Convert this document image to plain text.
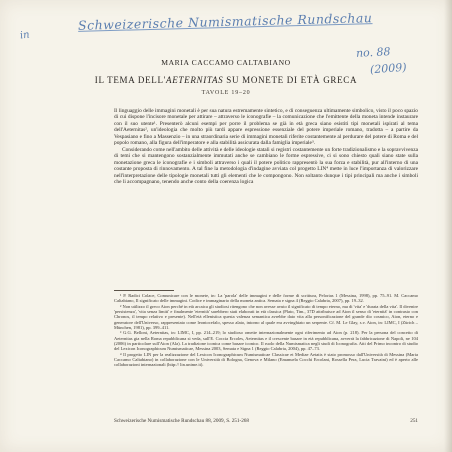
Schweizerische Numismatische Rundschau
in
no. 88
(2009)
MARIA CACCAMO CALTABIANO
IL TEMA DELL'AETERNITAS SU MONETE DI ETÀ GRECA
TAVOLE 19–20
Il linguaggio delle immagini monetali è per sua natura estremamente sintetico, e di conseguenza ultimamente simbolico, visto il poco spazio di cui dispone l'incisore monetale per attirare – attraverso le iconografie – la comunicazione che l'emittente della moneta intende instaurare con il suo utente¹. Presenterò alcuni esempi per porre il problema se già in età greca siano esistiti tipi monetali ispirati al tema dell'Aeternitas², un'ideologia che molto più tardi appare espressione essenziale del potere imperiale romano, tradotta – a partire da Vespasiano e fino a Massenzio – in una straordinaria serie di immagini monetali riferite costantemente al perdurare del potere di Roma e del popolo romano, alla figura dell'imperatore e alla stabilità assicurata dalla famiglia imperiale³.
Considerando come nell'ambito delle attività e delle ideologie statali si registri costantemente un forte tradizionalismo e la sopravvivenza di temi che si mantengono sostanzialmente immutati anche se cambiano le forme espressive, ci si sono chiesto quali siano state sulla monetazione greca le iconografie e i simboli attraverso i quali il potere politico rappresentò la sua forza e stabilità, pur all'interno di una costante proposta di rinnovamento. A tal fine la metodologia d'indagine avviata col progetto LIN⁴ mette in luce l'importanza di valorizzare nell'interpretazione delle tipologie monetali tutti gli elementi che le compongono. Non soltanto dunque i tipi principali ma anche i simboli che li accompagnano, tenendo anche conto della coerenza logica
¹ P. Radici Colace, Comunicare con le monete, in: La 'parola' delle immagini e delle forme di scrittura, Pelorias 1 (Messina, 1998), pp. 75–91. M. Caccamo Caltabiano, Il significato delle immagini. Codice e immaginario della moneta antica. Semata e signa 4 (Reggio Calabria, 2007), pp. 19–32.
² Non utilizzo il greco Aion perché in età arcaica gli studiosi ritengono che non avesse avuto il significato di tempo eterno, ma di 'vita' e 'durata della vita'. Il divenire 'persistenza', 'vita senza limiti' e finalmente 'eternità' sarebbero stati elaborati in età classica (Plato, Tim., 37D attribuisce ad Aion il senso di 'eternità' in contrasto con Chronos, il tempo relativo e presente). Nell'età ellenistica questa valenza semantica avrebbe dato vita alla personificazione del grande dio cosmico, Aion, eterno e generatore dell'Universo, rappresentato come leontocefalo, spesso alato, intorno al quale era avvinghiato un serpente. Cf. M. Le Glay, s.v. Aion, in: LIMC, I (Zürich – München, 1981), pp. 399–411.
³ G.G. Belloni, Aeternitas, in: LIMC, I, pp. 214–219; lo studioso omette internazionalmente ogni riferimento ad Aion (p. 218). Per la persona del concetto di Aeternitas gia nella Roma repubblicana si veda, sull'E. Coccia Ercoles, Aeternitas e il crescente basare in età repubblicana, avverrà la fabbricazione di Napoli, ne 104 (2006) in particolare sull'Aion (Ala). La tradizione iconica come basare iconico. Il ruolo della Numismatica negli studi di Iconografia. Atti del Primo incontro di studio del Lexicon Iconographicum Numismaticae, Messina 2003, Semata e Signa 1 (Reggio Calabria, 2004), pp. 47–73.
⁴ Il progetto LIN per la realizzazione del Lexicon Iconographicum Numismaticae Classicae et Mediae Aetatis è stato promosso dall'Università di Messina (Maria Caccamo Caltabiano) in collaborazione con le Università di Bologna, Genova e Milano (Emanuela Cocchi Ercolani, Rossella Pera, Lucia Travaini) ed è aperto alle collaborazioni internazionali (http:// lin.unime.it).
Schweizerische Numismatische Rundschau 88, 2009, S. 251-268	251
